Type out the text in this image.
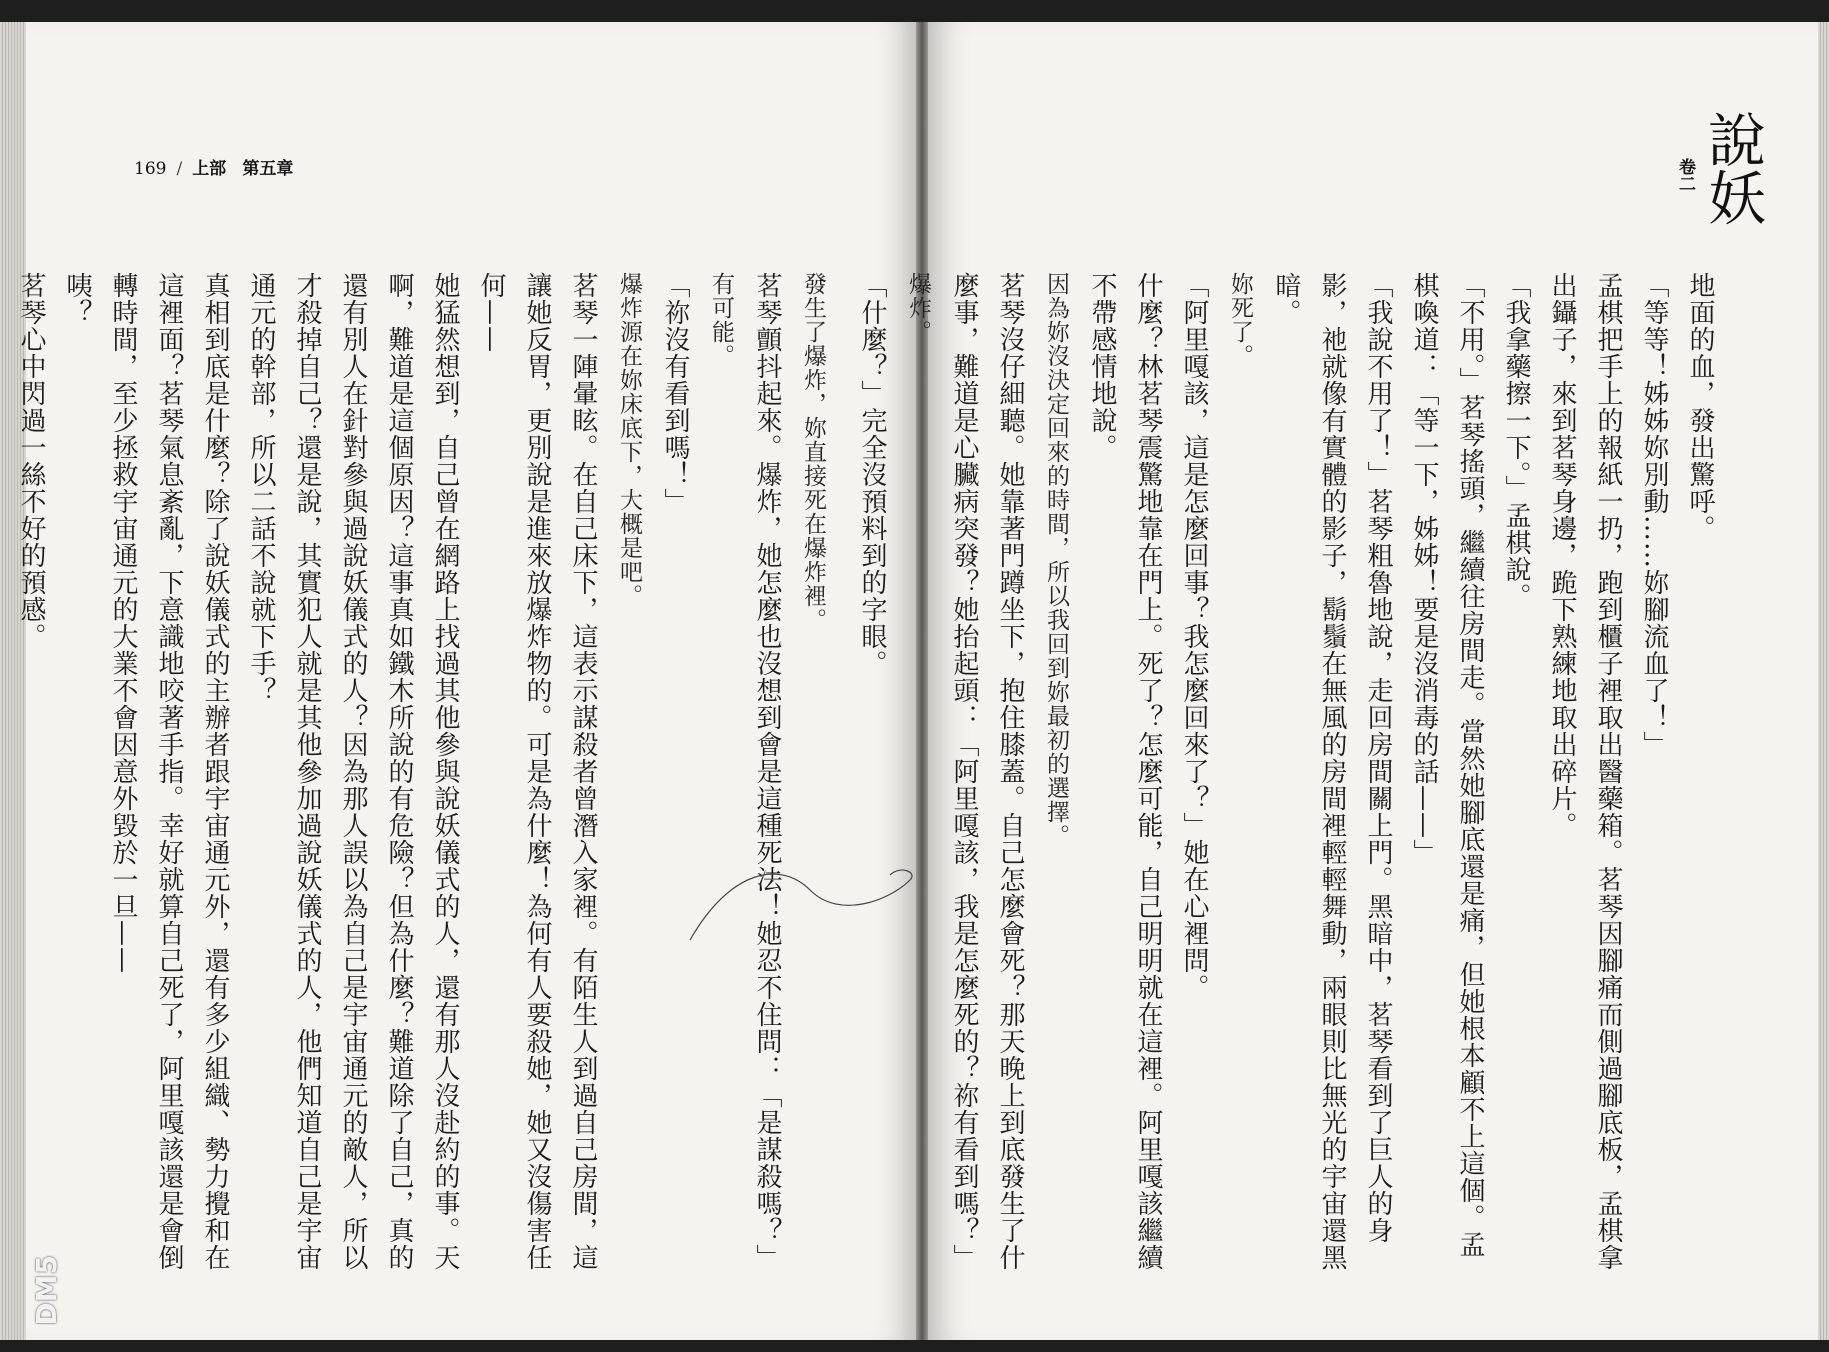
169 / 上部 第五章

發生了爆炸，妳直接死在爆炸裡。

茗琴顫抖起來。爆炸，她怎麼也沒想到會是這種死法！她忍不住問：「是謀殺嗎？」

有可能。

「祢沒有看到嗎！」

爆炸源在妳床底下，大概是吧。

茗琴一陣暈眩。在自己床下，這表示謀殺者曾潛入家裡。有陌生人到過自己房間，這讓她反胃，更別說是進來放爆炸物的。可是為什麼！為何有人要殺她，她又沒傷害任何——

她猛然想到，自己曾在網路上找過其他參與說妖儀式的人，還有那人沒赴約的事。天啊，難道是這個原因？這事真如鐵木所說的有危險？但為什麼？難道除了自己，真的還有別人在針對參與過說妖儀式的人？因為那人誤以為自己是宇宙通元的敵人，所以才殺掉自己？還是說，其實犯人就是其他參加過說妖儀式的人，他們知道自己是宇宙通元的幹部，所以二話不說就下手？

真相到底是什麼？除了說妖儀式的主辦者跟宇宙通元外，還有多少組織、勢力攪和在這裡面？茗琴氣息紊亂，下意識地咬著手指。幸好就算自己死了，阿里嘎該還是會倒轉時間，至少拯救宇宙通元的大業不會因意外毀於一旦——

咦？

茗琴心中閃過一絲不好的預感。

DM5
說妖
卷二

地面的血，發出驚呼。

「等等！姊姊妳別動……妳腳流血了！」

孟棋把手上的報紙一扔，跑到櫃子裡取出醫藥箱。茗琴因腳痛而側過腳底板，孟棋拿出鑷子，來到茗琴身邊，跪下熟練地取出碎片。

「我拿藥擦一下。」孟棋說。

「不用。」茗琴搖頭，繼續往房間走。當然她腳底還是痛，但她根本顧不上這個。孟棋喚道：「等一下，姊姊！要是沒消毒的話——」

「我說不用了！」茗琴粗魯地說，走回房間關上門。黑暗中，茗琴看到了巨人的身影，祂就像有實體的影子，鬍鬚在無風的房間裡輕輕舞動，兩眼則比無光的宇宙還黑暗。

妳死了。

「阿里嘎該，這是怎麼回事？我怎麼回來了？」她在心裡問。

什麼？林茗琴震驚地靠在門上。死了？怎麼可能，自己明明就在這裡。阿里嘎該繼續不帶感情地說。

因為妳沒決定回來的時間，所以我回到妳最初的選擇。

茗琴沒仔細聽。她靠著門蹲坐下，抱住膝蓋。自己怎麼會死？那天晚上到底發生了什麼事，難道是心臟病突發？她抬起頭：「阿里嘎該，我是怎麼死的？祢有看到嗎？」

爆炸。

「什麼？」完全沒預料到的字眼。
